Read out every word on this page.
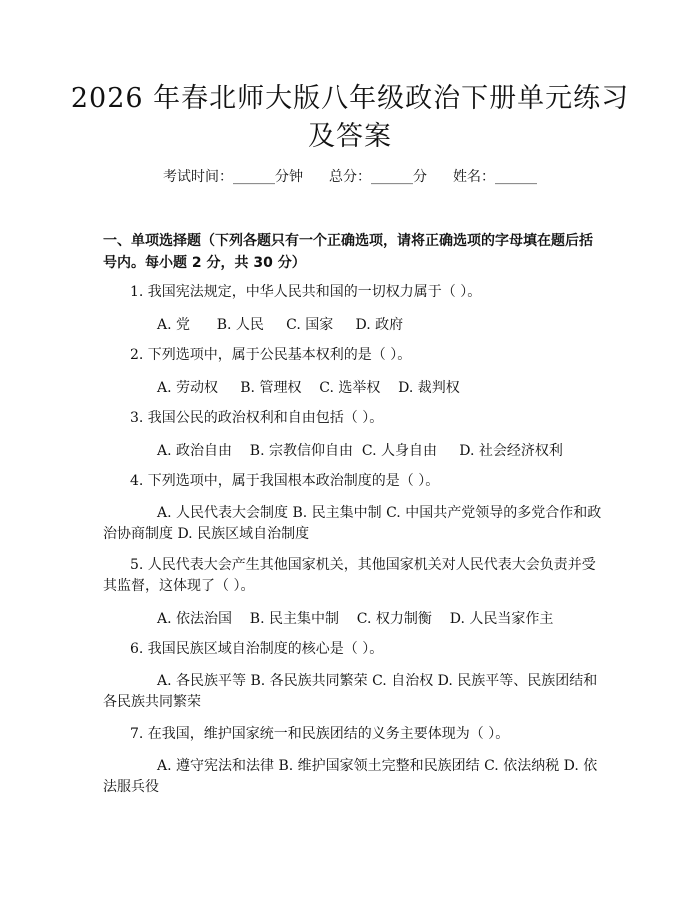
2026 年春北师大版八年级政治下册单元练习及答案
考试时间：______分钟 总分：______分 姓名：______
一、单项选择题（下列各题只有一个正确选项，请将正确选项的字母填在题后括号内。每小题 2 分，共 30 分）
1. 我国宪法规定，中华人民共和国的一切权力属于（ ）。
A. 党      B. 人民     C. 国家     D. 政府
2. 下列选项中，属于公民基本权利的是（ ）。
A. 劳动权     B. 管理权    C. 选举权    D. 裁判权
3. 我国公民的政治权利和自由包括（ ）。
A. 政治自由    B. 宗教信仰自由  C. 人身自由     D. 社会经济权利
4. 下列选项中，属于我国根本政治制度的是（ ）。
A. 人民代表大会制度 B. 民主集中制 C. 中国共产党领导的多党合作和政治协商制度 D. 民族区域自治制度
5. 人民代表大会产生其他国家机关，其他国家机关对人民代表大会负责并受其监督，这体现了（ ）。
A. 依法治国    B. 民主集中制    C. 权力制衡    D. 人民当家作主
6. 我国民族区域自治制度的核心是（ ）。
A. 各民族平等 B. 各民族共同繁荣 C. 自治权 D. 民族平等、民族团结和各民族共同繁荣
7. 在我国，维护国家统一和民族团结的义务主要体现为（ ）。
A. 遵守宪法和法律 B. 维护国家领土完整和民族团结 C. 依法纳税 D. 依法服兵役
